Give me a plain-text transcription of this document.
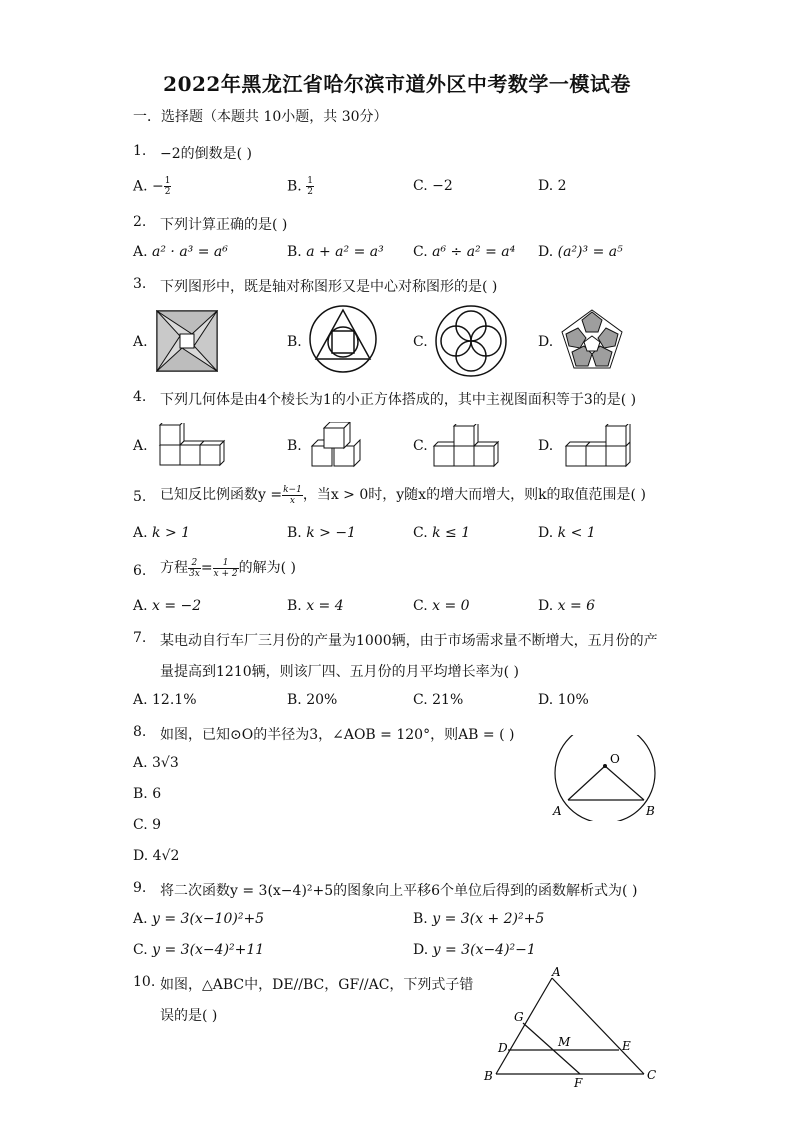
2022年黑龙江省哈尔滨市道外区中考数学一模试卷
一．选择题（本题共 10小题，共 30分）
1. −2的倒数是( )
A. − $\frac{1}{2}$	B. $\frac{1}{2}$	C. −2	D. 2
2. 下列计算正确的是( )
A. a² · a³ = a⁶	B. a + a² = a³ C. a⁶ ÷ a² = a⁴ D. (a²)³ = a⁵
3. 下列图形中，既是轴对称图形又是中心对称图形的是( )
A.	B.	C.	D.
4. 下列几何体是由4个棱长为1的小正方体搭成的，其中主视图面积等于3的是( )
A.	B.	C.	D.
5. 已知反比例函数$y = \frac{k-1}{x}$ ，当x > 0时，y随x的增大而增大，则k的取值范围是( )
A. k > 1	B. k > −1	C. k ≤ 1	D. k < 1
6. 方程 $\frac{2}{3x} = \frac{1}{x + 2}$ 的解为( )
A. x = −2	B. x = 4	C. x = 0	D. x = 6
7. 某电动自行车厂三月份的产量为1000辆，由于市场需求量不断增大，五月份的产
量提高到1210辆，则该厂四、五月份的月平均增长率为( )
A. 12.1%	B. 20%	C. 21%	D. 10%
8. 如图，已知⊙O的半径为3，∠AOB = 120°，则AB = ( )
A. 3√3
B. 6
C. 9
D. 4√2
O
A	B
9. 将二次函数y = 3(x−4)²+5的图象向上平移6个单位后得到的函数解析式为( )
A. y = 3(x−10)²+5	B. y = 3(x + 2)²+5
C. y = 3(x−4)²+11	D. y = 3(x−4)²−1
10. 如图，△ABC中，DE//BC，GF//AC，下列式子错
误的是( )
A
B	C
D	E
F
G
M
